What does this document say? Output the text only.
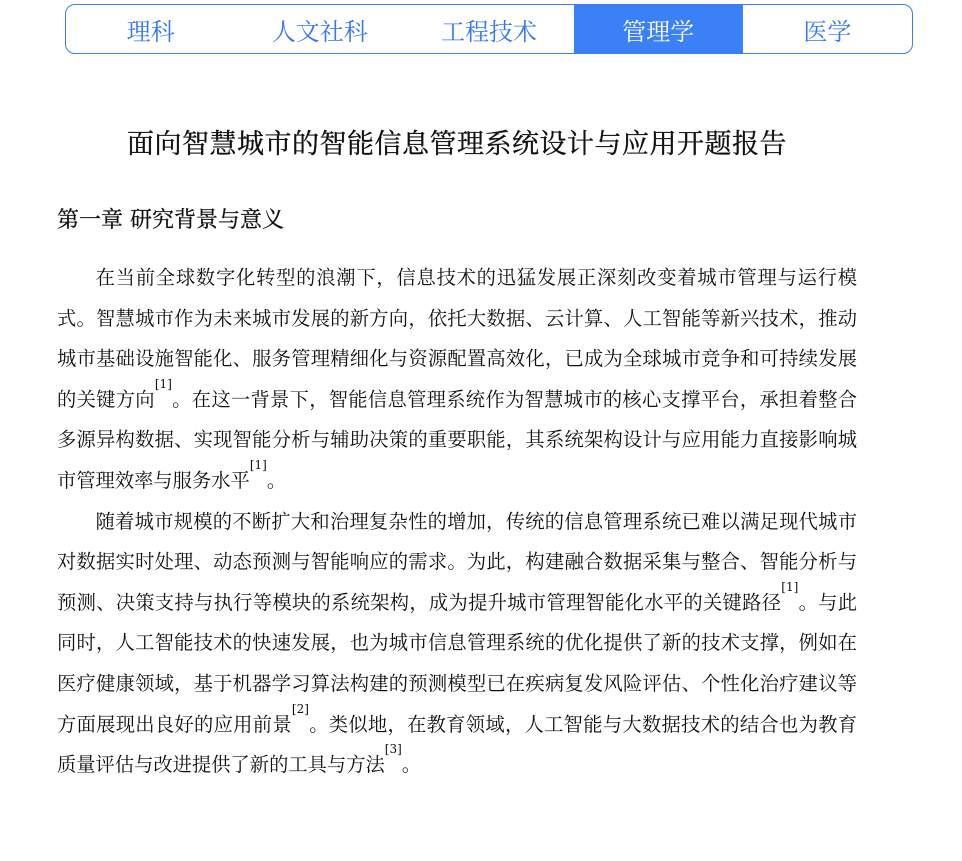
理科	人文社科	工程技术	管理学	医学
面向智慧城市的智能信息管理系统设计与应用开题报告
第一章 研究背景与意义

在当前全球数字化转型的浪潮下，信息技术的迅猛发展正深刻改变着城市管理与运行模式。智慧城市作为未来城市发展的新方向，依托大数据、云计算、人工智能等新兴技术，推动城市基础设施智能化、服务管理精细化与资源配置高效化，已成为全球城市竞争和可持续发展的关键方向[1]。在这一背景下，智能信息管理系统作为智慧城市的核心支撑平台，承担着整合多源异构数据、实现智能分析与辅助决策的重要职能，其系统架构设计与应用能力直接影响城市管理效率与服务水平[1]。

随着城市规模的不断扩大和治理复杂性的增加，传统的信息管理系统已难以满足现代城市对数据实时处理、动态预测与智能响应的需求。为此，构建融合数据采集与整合、智能分析与预测、决策支持与执行等模块的系统架构，成为提升城市管理智能化水平的关键路径[1]。与此同时，人工智能技术的快速发展，也为城市信息管理系统的优化提供了新的技术支撑，例如在医疗健康领域，基于机器学习算法构建的预测模型已在疾病复发风险评估、个性化治疗建议等方面展现出良好的应用前景[2]。类似地，在教育领域，人工智能与大数据技术的结合也为教育质量评估与改进提供了新的工具与方法[3]。
